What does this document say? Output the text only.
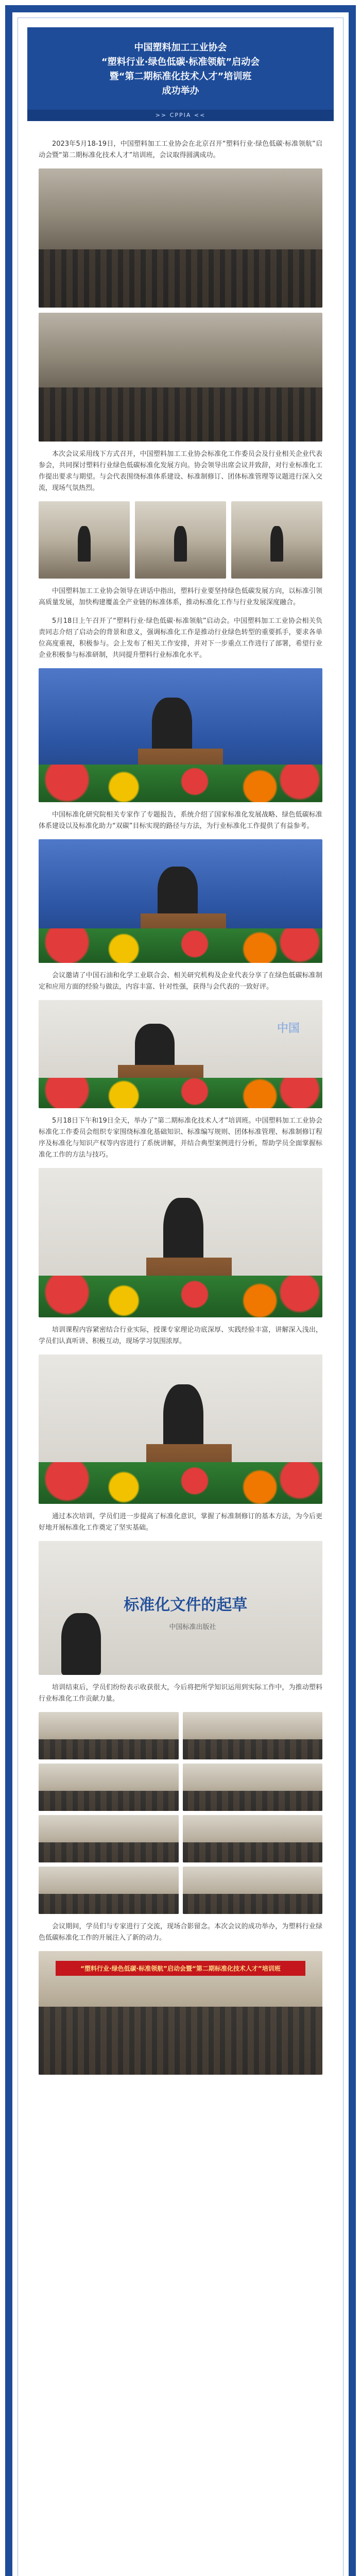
中国塑料加工工业协会
“塑料行业·绿色低碳·标准领航”启动会
暨“第二期标准化技术人才”培训班
成功举办
>> CPPIA <<

2023年5月18-19日，中国塑料加工工业协会在北京召开“塑料行业·绿色低碳·标准领航”启动会暨“第二期标准化技术人才”培训班，会议取得圆满成功。

本次会议采用线下方式召开，中国塑料加工工业协会标准化工作委员会及行业相关企业代表参会，共同探讨塑料行业绿色低碳标准化发展方向。协会领导出席会议并致辞，对行业标准化工作提出要求与期望。与会代表围绕标准体系建设、标准制修订、团体标准管理等议题进行深入交流，现场气氛热烈。

中国塑料加工工业协会领导在讲话中指出，塑料行业要坚持绿色低碳发展方向，以标准引领高质量发展，加快构建覆盖全产业链的标准体系，推动标准化工作与行业发展深度融合。

5月18日上午召开了“塑料行业·绿色低碳·标准领航”启动会。中国塑料加工工业协会相关负责同志介绍了启动会的背景和意义，强调标准化工作是推动行业绿色转型的重要抓手，要求各单位高度重视，积极参与。会上发布了相关工作安排，并对下一步重点工作进行了部署，希望行业企业积极参与标准研制，共同提升塑料行业标准化水平。

中国标准化研究院相关专家作了专题报告，系统介绍了国家标准化发展战略、绿色低碳标准体系建设以及标准化助力“双碳”目标实现的路径与方法，为行业标准化工作提供了有益参考。

会议邀请了中国石油和化学工业联合会、相关研究机构及企业代表分享了在绿色低碳标准制定和应用方面的经验与做法，内容丰富、针对性强，获得与会代表的一致好评。

中国

5月18日下午和19日全天，举办了“第二期标准化技术人才”培训班。中国塑料加工工业协会标准化工作委员会组织专家围绕标准化基础知识、标准编写规则、团体标准管理、标准制修订程序及标准化与知识产权等内容进行了系统讲解，并结合典型案例进行分析，帮助学员全面掌握标准化工作的方法与技巧。

培训课程内容紧密结合行业实际，授课专家理论功底深厚、实践经验丰富，讲解深入浅出，学员们认真听讲、积极互动，现场学习氛围浓厚。

通过本次培训，学员们进一步提高了标准化意识，掌握了标准制修订的基本方法，为今后更好地开展标准化工作奠定了坚实基础。

标准化文件的起草
中国标准出版社

培训结束后，学员们纷纷表示收获很大，今后将把所学知识运用到实际工作中，为推动塑料行业标准化工作贡献力量。

会议期间，学员们与专家进行了交流，现场合影留念。本次会议的成功举办，为塑料行业绿色低碳标准化工作的开展注入了新的动力。

“塑料行业·绿色低碳·标准领航”启动会暨“第二期标准化技术人才”培训班
